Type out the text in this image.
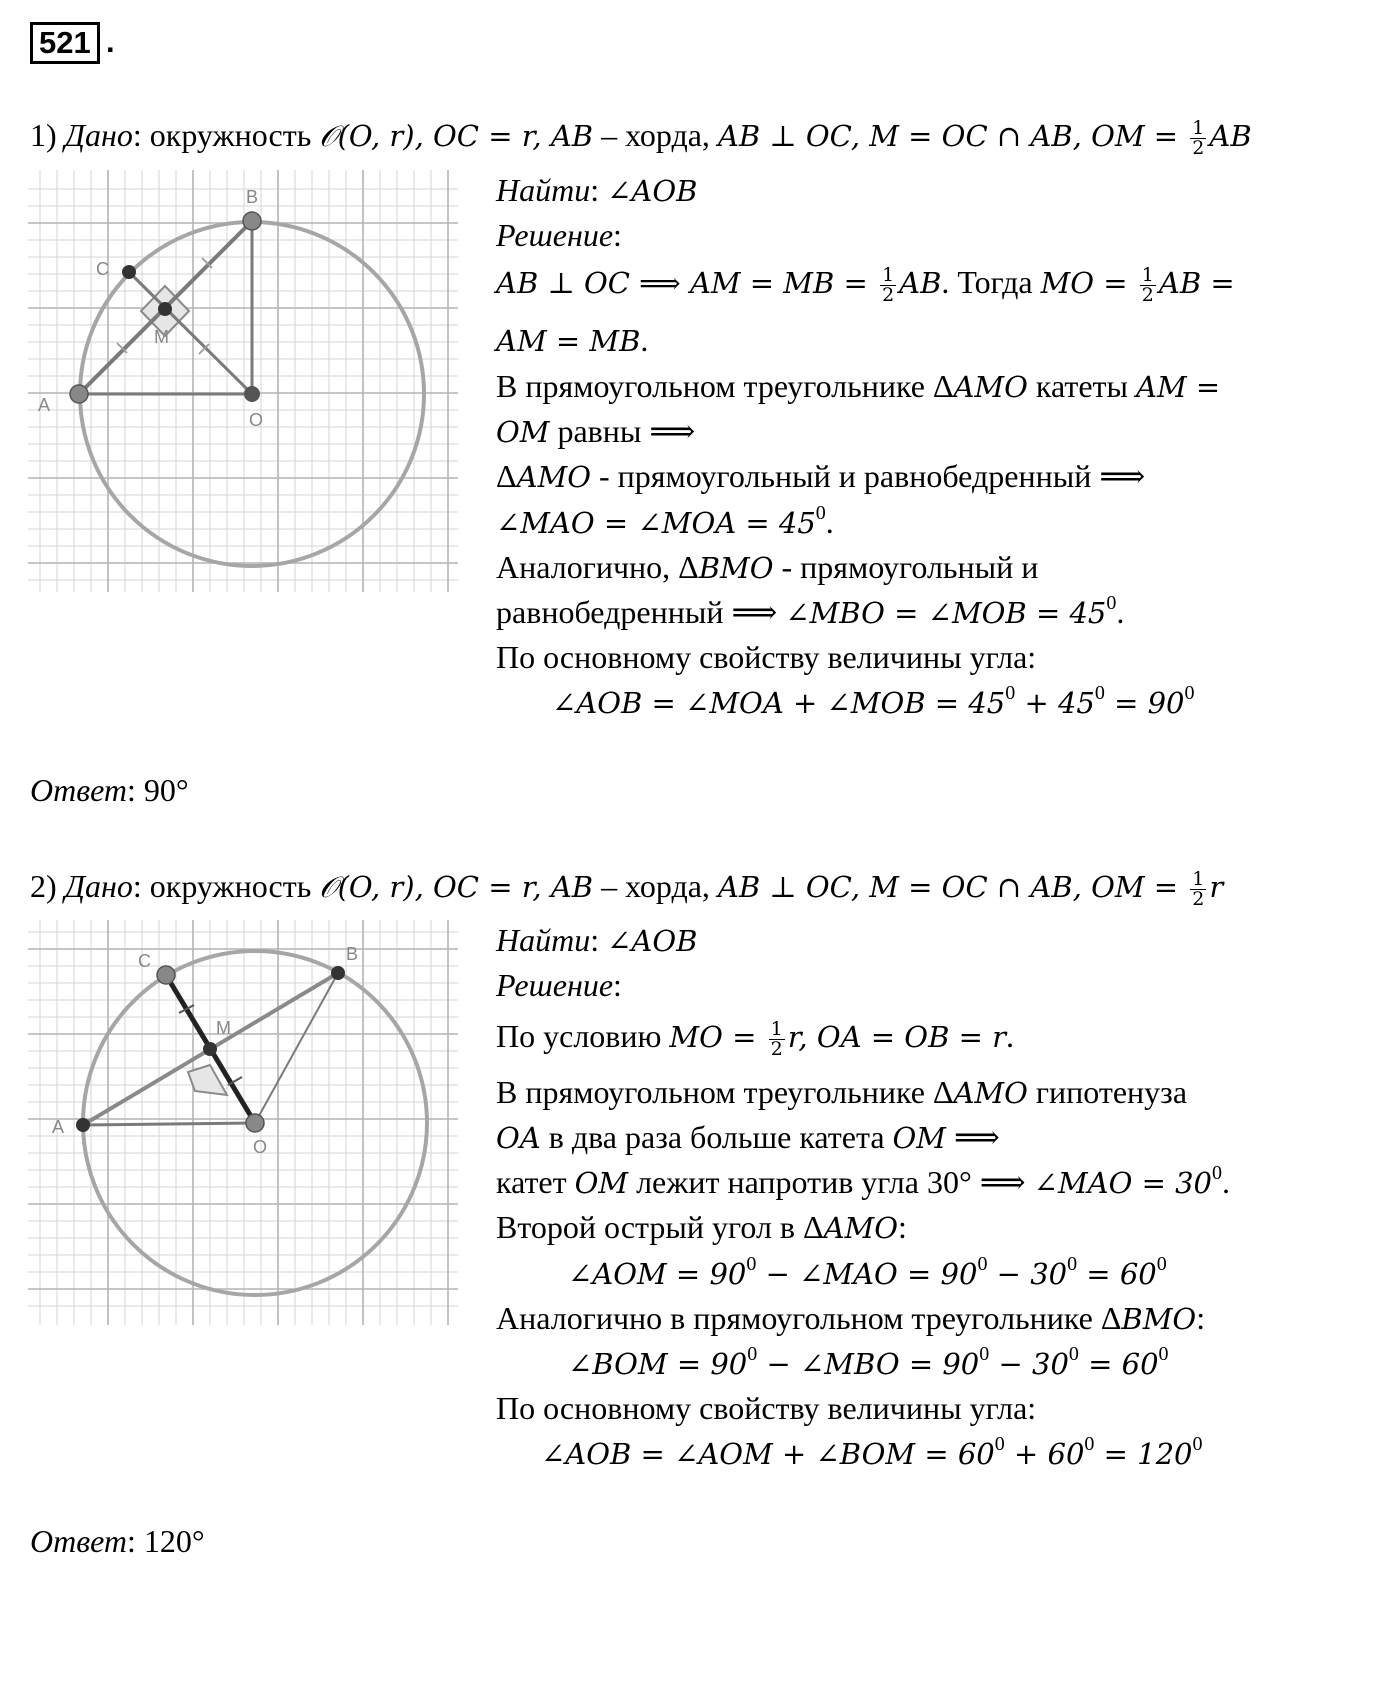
521 .
1) Дано: окружность 𝒪(O, r), OC = r, AB – хорда, AB ⊥ OC, M = OC ∩ AB, OM = $\frac{1}{2}$ AB
B
C
M
A
O
Найти: ∠AOB
Решение:
AB ⊥ OC ⟹ AM = MB = $\frac{1}{2}$ AB. Тогда MO = $\frac{1}{2}$ AB =
AM = MB.
В прямоугольном треугольнике ΔAMO катеты AM =
OM равны ⟹
ΔAMO - прямоугольный и равнобедренный ⟹
∠MAO = ∠MOA = $45^0$.
Аналогично, ΔBMO - прямоугольный и
равнобедренный ⟹ ∠MBO = ∠MOB = $45^0$.
По основному свойству величины угла:
∠AOB = ∠MOA + ∠MOB = $45^0 + 45^0 = 90^0$
Ответ: 90°
2) Дано: окружность 𝒪(O, r), OC = r, AB – хорда, AB ⊥ OC, M = OC ∩ AB, OM = $\frac{1}{2}$ r
C	B
M
A
O
Найти: ∠AOB
Решение:
По условию MO = $\frac{1}{2} r$, OA = OB = r.
В прямоугольном треугольнике ΔAMO гипотенуза
OA в два раза больше катета OM ⟹
катет OM лежит напротив угла 30° ⟹ ∠MAO = $30^0$.
Второй острый угол в ΔAMO:
∠AOM = $90^0$ − ∠MAO = $90^0 - 30^0 = 60^0$
Аналогично в прямоугольном треугольнике ΔBMO:
∠BOM = $90^0$ − ∠MBO = $90^0 - 30^0 = 60^0$
По основному свойству величины угла:
∠AOB = ∠AOM + ∠BOM = $60^0 + 60^0 = 120^0$
Ответ: 120°
